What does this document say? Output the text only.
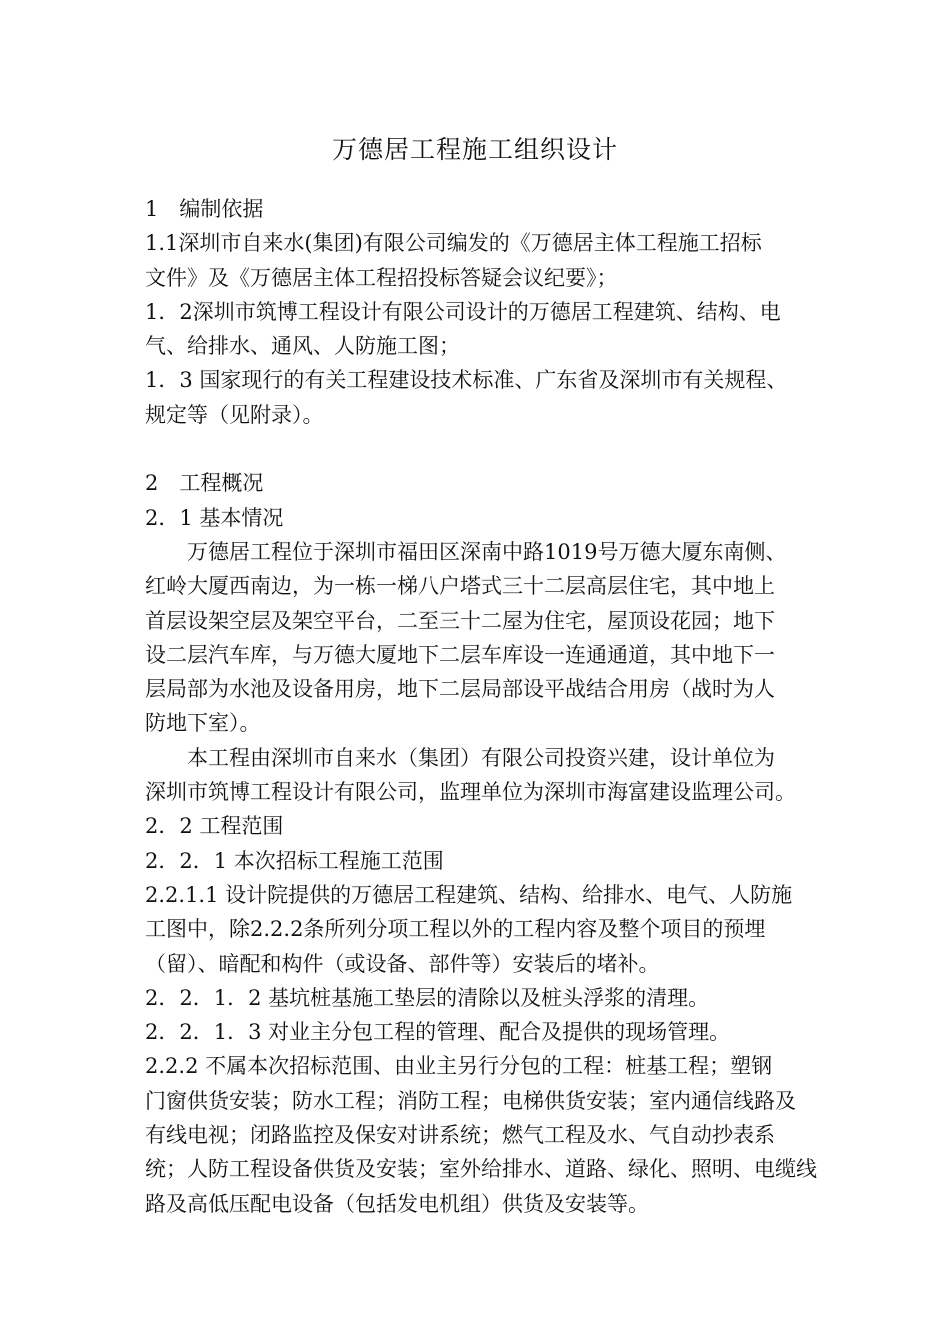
万德居工程施工组织设计

1　编制依据

1.1深圳市自来水(集团)有限公司编发的《万德居主体工程施工招标

文件》及《万德居主体工程招投标答疑会议纪要》；

1．2深圳市筑博工程设计有限公司设计的万德居工程建筑、结构、电

气、给排水、通风、人防施工图；

1．3 国家现行的有关工程建设技术标准、广东省及深圳市有关规程、

规定等（见附录）。

2　工程概况

2．1 基本情况

万德居工程位于深圳市福田区深南中路1019号万德大厦东南侧、

红岭大厦西南边，为一栋一梯八户塔式三十二层高层住宅，其中地上

首层设架空层及架空平台，二至三十二屋为住宅，屋顶设花园；地下

设二层汽车库，与万德大厦地下二层车库设一连通通道，其中地下一

层局部为水池及设备用房，地下二层局部设平战结合用房（战时为人

防地下室）。

本工程由深圳市自来水（集团）有限公司投资兴建，设计单位为

深圳市筑博工程设计有限公司，监理单位为深圳市海富建设监理公司。

2．2 工程范围

2．2．1 本次招标工程施工范围

2.2.1.1 设计院提供的万德居工程建筑、结构、给排水、电气、人防施

工图中，除2.2.2条所列分项工程以外的工程内容及整个项目的预埋

（留）、暗配和构件（或设备、部件等）安装后的堵补。

2．2．1．2 基坑桩基施工垫层的清除以及桩头浮浆的清理。

2．2．1．3 对业主分包工程的管理、配合及提供的现场管理。

2.2.2 不属本次招标范围、由业主另行分包的工程：桩基工程；塑钢

门窗供货安装；防水工程；消防工程；电梯供货安装；室内通信线路及

有线电视；闭路监控及保安对讲系统；燃气工程及水、气自动抄表系

统；人防工程设备供货及安装；室外给排水、道路、绿化、照明、电缆线

路及高低压配电设备（包括发电机组）供货及安装等。
